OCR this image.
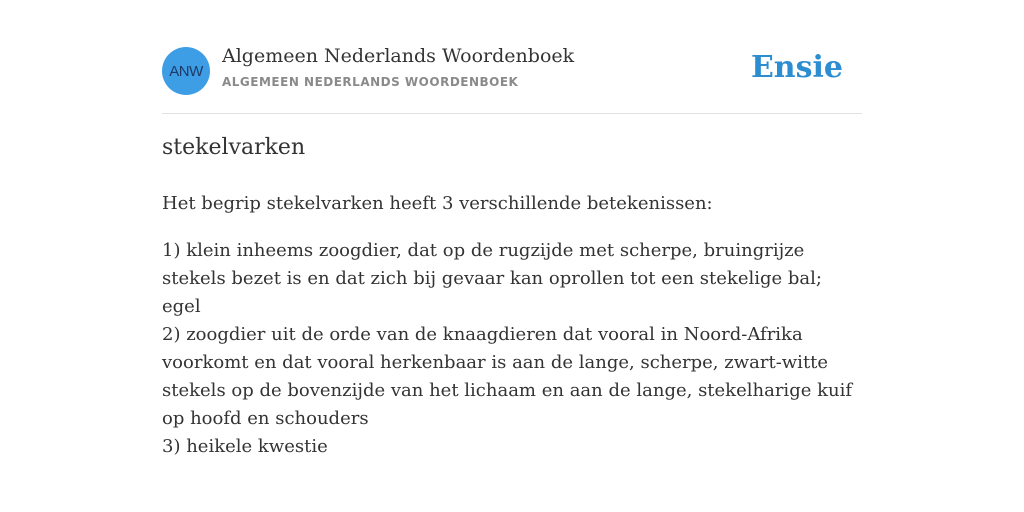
ANW
Algemeen Nederlands Woordenboek
ALGEMEEN NEDERLANDS WOORDENBOEK	Ensie
stekelvarken
Het begrip stekelvarken heeft 3 verschillende betekenissen:
1) klein inheems zoogdier, dat op de rugzijde met scherpe, bruingrijze stekels bezet is en dat zich bij gevaar kan oprollen tot een stekelige bal; egel
2) zoogdier uit de orde van de knaagdieren dat vooral in Noord-Afrika voorkomt en dat vooral herkenbaar is aan de lange, scherpe, zwart-witte stekels op de bovenzijde van het lichaam en aan de lange, stekelharige kuif op hoofd en schouders
3) heikele kwestie
